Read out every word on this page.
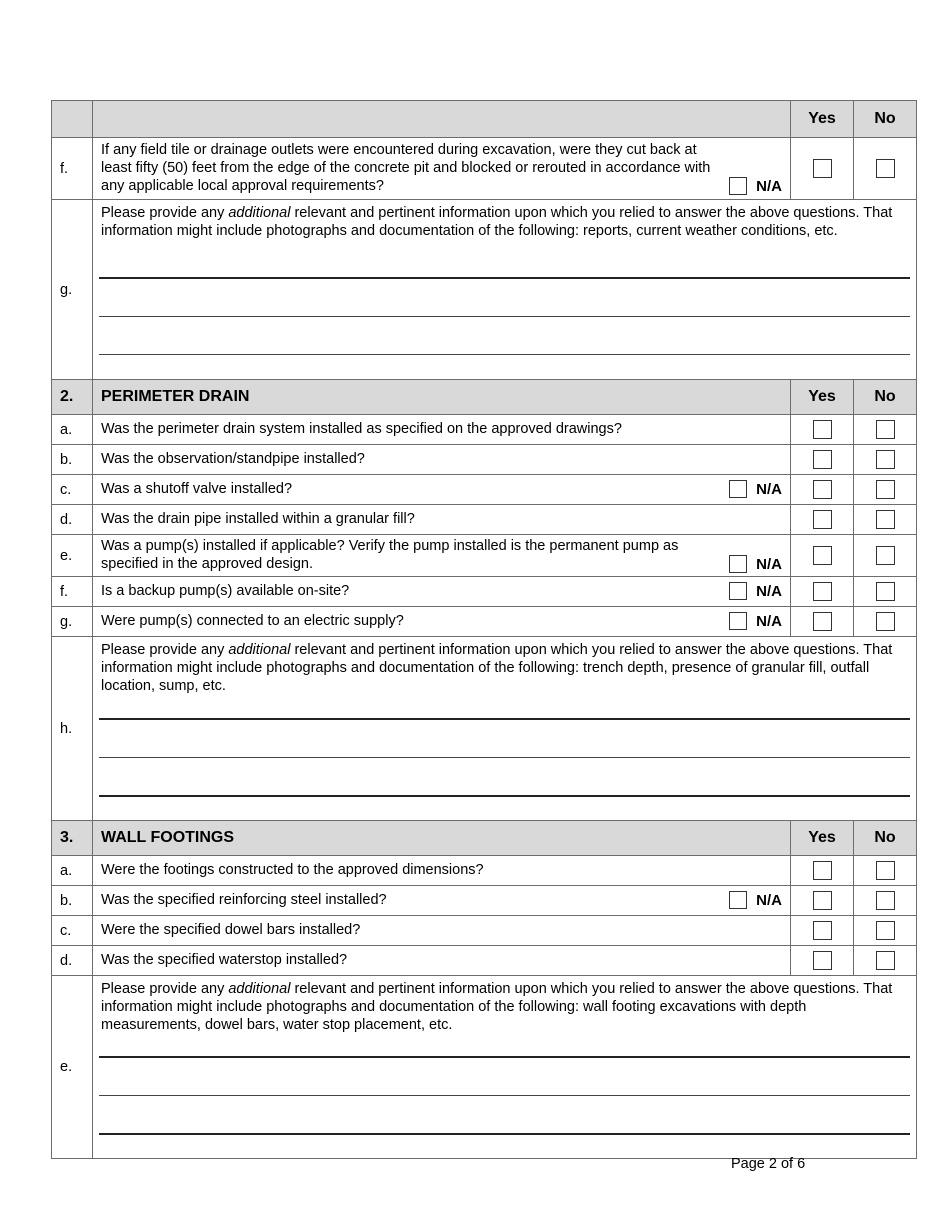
		Yes	No
f.	If any field tile or drainage outlets were encountered during excavation, were they cut back at least fifty (50) feet from the edge of the concrete pit and blocked or rerouted in accordance with any applicable local approval requirements? N/A		

g.	Please provide any additional relevant and pertinent information upon which you relied to answer the above questions. That information might include photographs and documentation of the following: reports, current weather conditions, etc.		

2.	PERIMETER DRAIN	Yes	No
a.	Was the perimeter drain system installed as specified on the approved drawings?		
b.	Was the observation/standpipe installed?		
c.	Was a shutoff valve installed? N/A		

d.	Was the drain pipe installed within a granular fill?		
e.	Was a pump(s) installed if applicable? Verify the pump installed is the permanent pump as specified in the approved design. N/A		

f.	Is a backup pump(s) available on-site? N/A		

g.	Were pump(s) connected to an electric supply? N/A		

h.	Please provide any additional relevant and pertinent information upon which you relied to answer the above questions. That information might include photographs and documentation of the following: trench depth, presence of granular fill, outfall location, sump, etc.		

3.	WALL FOOTINGS	Yes	No
a.	Were the footings constructed to the approved dimensions?		
b.	Was the specified reinforcing steel installed? N/A		

c.	Were the specified dowel bars installed?		
d.	Was the specified waterstop installed?		
e.	Please provide any additional relevant and pertinent information upon which you relied to answer the above questions. That information might include photographs and documentation of the following: wall footing excavations with depth measurements, dowel bars, water stop placement, etc.		
Page 2 of 6
